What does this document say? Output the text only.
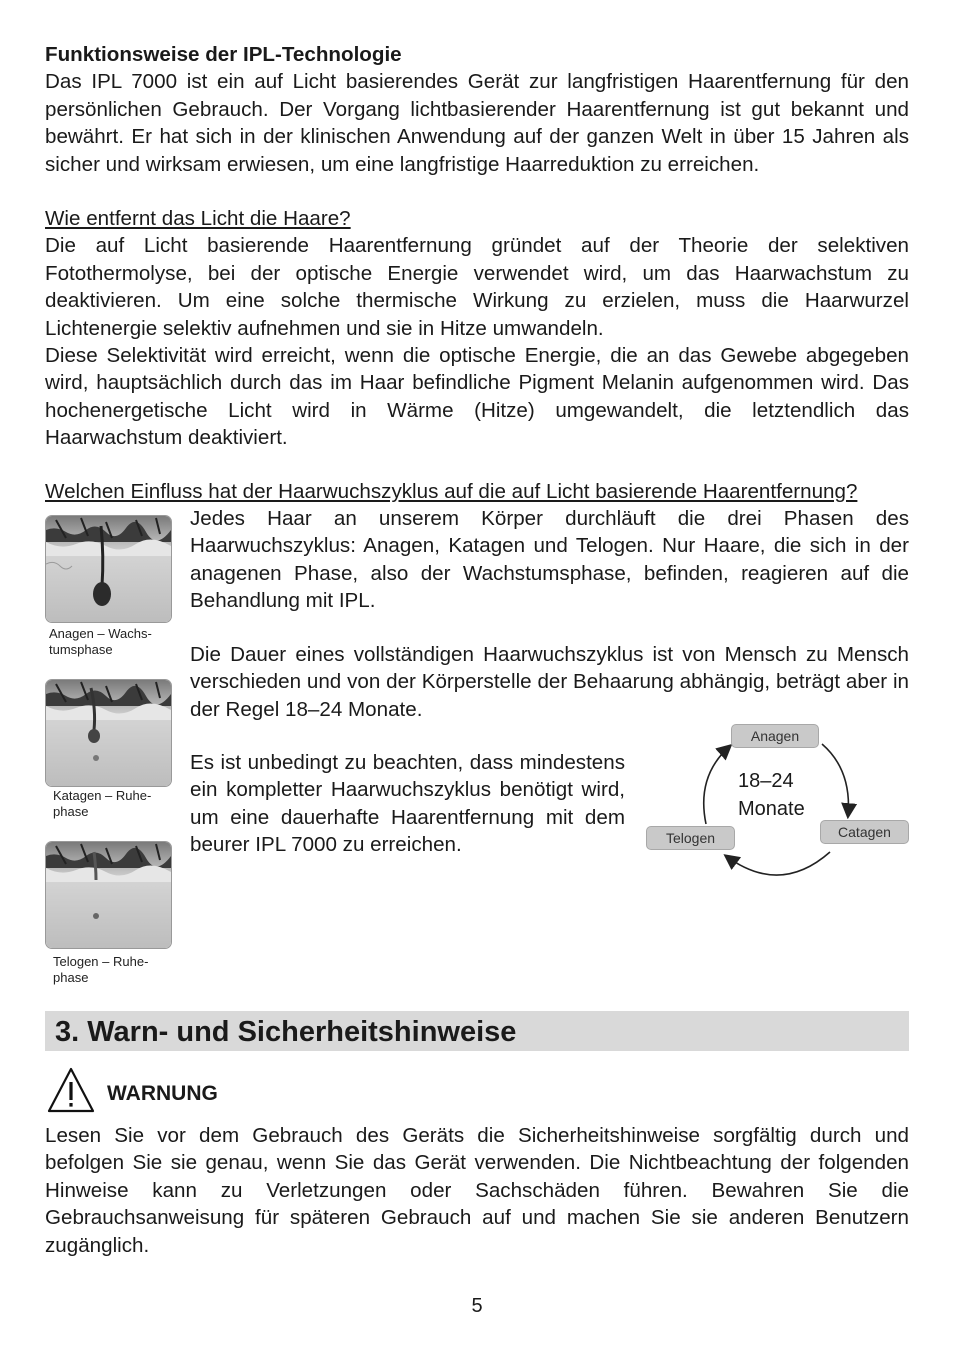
Funktionsweise der IPL-Technologie

Das IPL 7000 ist ein auf Licht basierendes Gerät zur langfristigen Haarentfernung für den persönlichen Gebrauch. Der Vorgang lichtbasierender Haarentfernung ist gut bekannt und bewährt. Er hat sich in der klinischen Anwendung auf der ganzen Welt in über 15 Jahren als sicher und wirksam erwiesen, um eine langfristige Haarreduktion zu erreichen.

Wie entfernt das Licht die Haare?

Die auf Licht basierende Haarentfernung gründet auf der Theorie der selektiven Fotothermolyse, bei der optische Energie verwendet wird, um das Haarwachstum zu deaktivieren. Um eine solche thermische Wirkung zu erzielen, muss die Haarwurzel Lichtenergie selektiv aufnehmen und sie in Hitze umwandeln.

Diese Selektivität wird erreicht, wenn die optische Energie, die an das Gewebe abgegeben wird, hauptsächlich durch das im Haar befindliche Pigment Melanin aufgenommen wird. Das hochenergetische Licht wird in Wärme (Hitze) umgewandelt, die letztendlich das Haarwachstum deaktiviert.

Welchen Einfluss hat der Haarwuchszyklus auf die auf Licht basierende Haarentfernung?

Jedes Haar an unserem Körper durchläuft die drei Phasen des Haarwuchszyklus: Anagen, Katagen und Telogen. Nur Haare, die sich in der anagenen Phase, also der Wachstumsphase, befinden, reagieren auf die Behandlung mit IPL.

Die Dauer eines vollständigen Haarwuchszyklus ist von Mensch zu Mensch verschieden und von der Körperstelle der Behaarung abhängig, beträgt aber in der Regel 18–24 Monate.

Es ist unbedingt zu beachten, dass mindestens ein kompletter Haarwuchszyklus benötigt wird, um eine dauerhafte Haarentfernung mit dem beurer IPL 7000 zu erreichen.

Anagen – Wachs-tumsphase
Katagen – Ruhe-phase
Telogen – Ruhe-phase
Anagen
Catagen
Telogen
18–24
Monate
3. Warn- und Sicherheitshinweise
WARNUNG

Lesen Sie vor dem Gebrauch des Geräts die Sicherheitshinweise sorgfältig durch und befolgen Sie sie genau, wenn Sie das Gerät verwenden. Die Nichtbeachtung der folgenden Hinweise kann zu Verletzungen oder Sachschäden führen. Bewahren Sie die Gebrauchsanweisung für späteren Gebrauch auf und machen Sie sie anderen Benutzern zugänglich.

5
